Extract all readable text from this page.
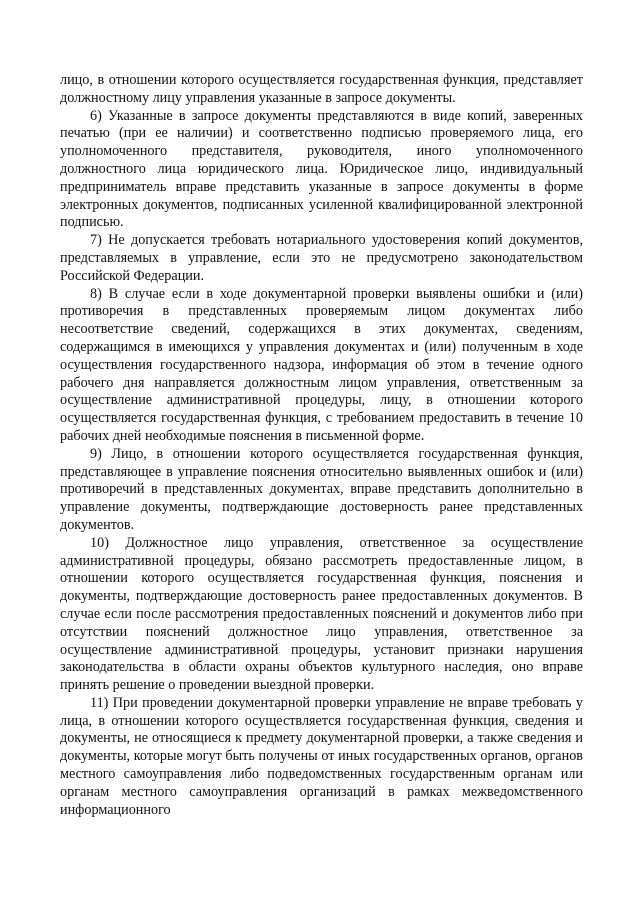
лицо, в отношении которого осуществляется государственная функция, представляет должностному лицу управления указанные в запросе документы.

6) Указанные в запросе документы представляются в виде копий, заверенных печатью (при ее наличии) и соответственно подписью проверяемого лица, его уполномоченного представителя, руководителя, иного уполномоченного должностного лица юридического лица. Юридическое лицо, индивидуальный предприниматель вправе представить указанные в запросе документы в форме электронных документов, подписанных усиленной квалифицированной электронной подписью.

7) Не допускается требовать нотариального удостоверения копий документов, представляемых в управление, если это не предусмотрено законодательством Российской Федерации.

8) В случае если в ходе документарной проверки выявлены ошибки и (или) противоречия в представленных проверяемым лицом документах либо несоответствие сведений, содержащихся в этих документах, сведениям, содержащимся в имеющихся у управления документах и (или) полученным в ходе осуществления государственного надзора, информация об этом в течение одного рабочего дня направляется должностным лицом управления, ответственным за осуществление административной процедуры, лицу, в отношении которого осуществляется государственная функция, с требованием предоставить в течение 10 рабочих дней необходимые пояснения в письменной форме.

9) Лицо, в отношении которого осуществляется государственная функция, представляющее в управление пояснения относительно выявленных ошибок и (или) противоречий в представленных документах, вправе представить дополнительно в управление документы, подтверждающие достоверность ранее представленных документов.

10) Должностное лицо управления, ответственное за осуществление административной процедуры, обязано рассмотреть предоставленные лицом, в отношении которого осуществляется государственная функция, пояснения и документы, подтверждающие достоверность ранее предоставленных документов. В случае если после рассмотрения предоставленных пояснений и документов либо при отсутствии пояснений должностное лицо управления, ответственное за осуществление административной процедуры, установит признаки нарушения законодательства в области охраны объектов культурного наследия, оно вправе принять решение о проведении выездной проверки.

11) При проведении документарной проверки управление не вправе требовать у лица, в отношении которого осуществляется государственная функция, сведения и документы, не относящиеся к предмету документарной проверки, а также сведения и документы, которые могут быть получены от иных государственных органов, органов местного самоуправления либо подведомственных государственным органам или органам местного самоуправления организаций в рамках межведомственного информационного
